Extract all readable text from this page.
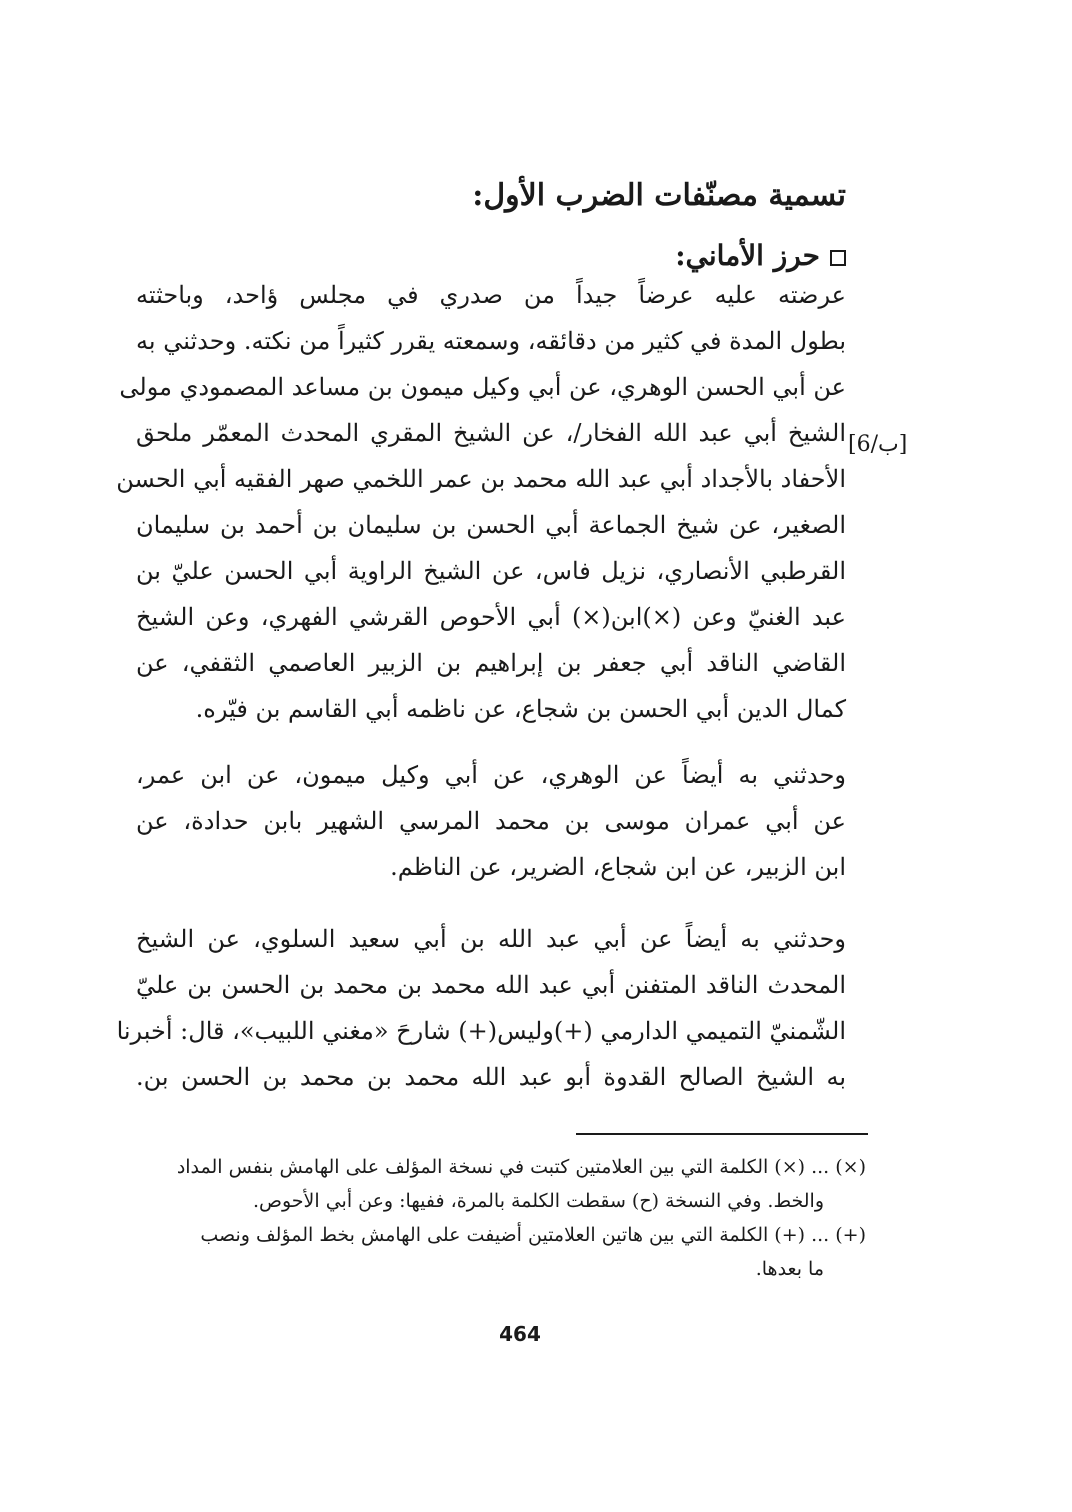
تسمية مصنّفات الضرب الأول:
حرز الأماني:
[6/ب]
عرضته عليه عرضاً جيداً من صدري في مجلس ؤاحد، وباحثته
بطول المدة في كثير من دقائقه، وسمعته يقرر كثيراً من نكته. وحدثني به
عن أبي الحسن الوهري، عن أبي وكيل ميمون بن مساعد المصمودي مولى
الشيخ أبي عبد الله الفخار/، عن الشيخ المقري المحدث المعمّر ملحق
الأحفاد بالأجداد أبي عبد الله محمد بن عمر اللخمي صهر الفقيه أبي الحسن
الصغير، عن شيخ الجماعة أبي الحسن بن سليمان بن أحمد بن سليمان
القرطبي الأنصاري، نزيل فاس، عن الشيخ الراوية أبي الحسن عليّ بن
عبد الغنيّ وعن (×)ابن(×) أبي الأحوص القرشي الفهري، وعن الشيخ
القاضي الناقد أبي جعفر بن إبراهيم بن الزبير العاصمي الثقفي، عن
كمال الدين أبي الحسن بن شجاع، عن ناظمه أبي القاسم بن فيّره.
وحدثني به أيضاً عن الوهري، عن أبي وكيل ميمون، عن ابن عمر،
عن أبي عمران موسى بن محمد المرسي الشهير بابن حدادة، عن
ابن الزبير، عن ابن شجاع، الضرير، عن الناظم.
وحدثني به أيضاً عن أبي عبد الله بن أبي سعيد السلوي، عن الشيخ
المحدث الناقد المتفنن أبي عبد الله محمد بن محمد بن الحسن بن عليّ
الشّمنيّ التميمي الدارمي (+)وليس(+) شارحَ «مغني اللبيب»، قال: أخبرنا
به الشيخ الصالح القدوة أبو عبد الله محمد بن محمد بن الحسن بن.
(×) ... (×) الكلمة التي بين العلامتين كتبت في نسخة المؤلف على الهامش بنفس المداد
والخط. وفي النسخة (ح) سقطت الكلمة بالمرة، ففيها: وعن أبي الأحوص.
(+) ... (+) الكلمة التي بين هاتين العلامتين أضيفت على الهامش بخط المؤلف ونصب
ما بعدها.
464
